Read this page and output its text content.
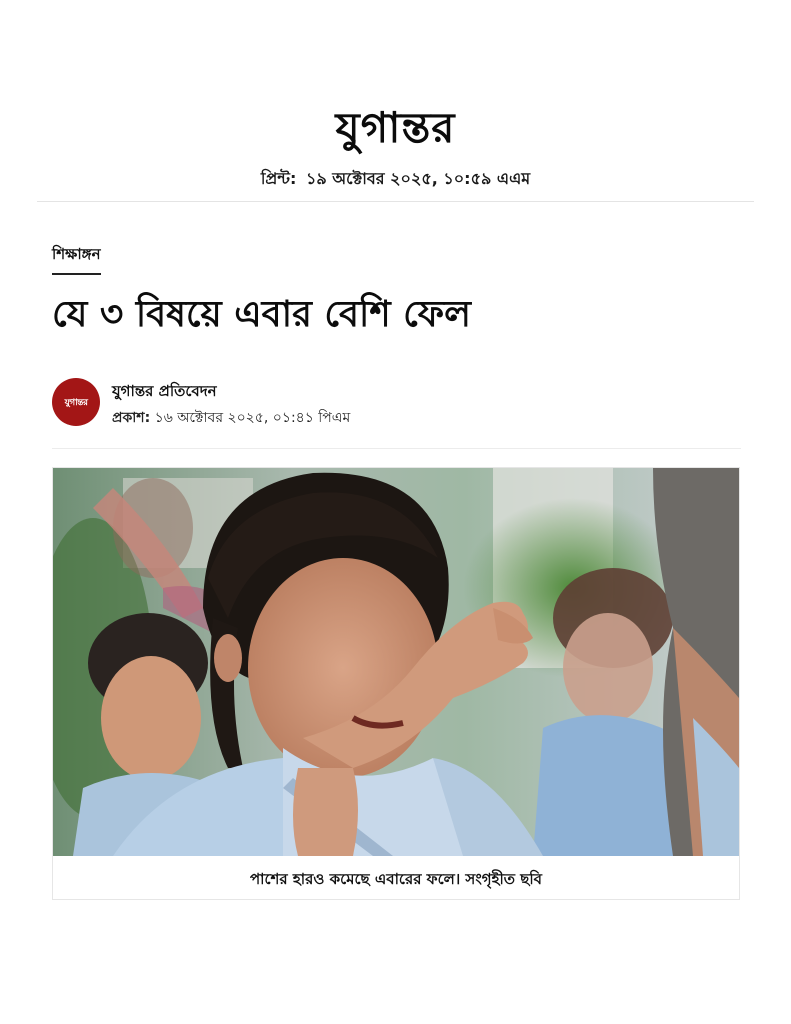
যুগান্তর
প্রিন্ট: ১৯ অক্টোবর ২০২৫, ১০:৫৯ এএম
শিক্ষাঙ্গন
যে ৩ বিষয়ে এবার বেশি ফেল
যুগান্তর
যুগান্তর প্রতিবেদন
প্রকাশ: ১৬ অক্টোবর ২০২৫, ০১:৪১ পিএম
পাশের হারও কমেছে এবারের ফলে। সংগৃহীত ছবি
